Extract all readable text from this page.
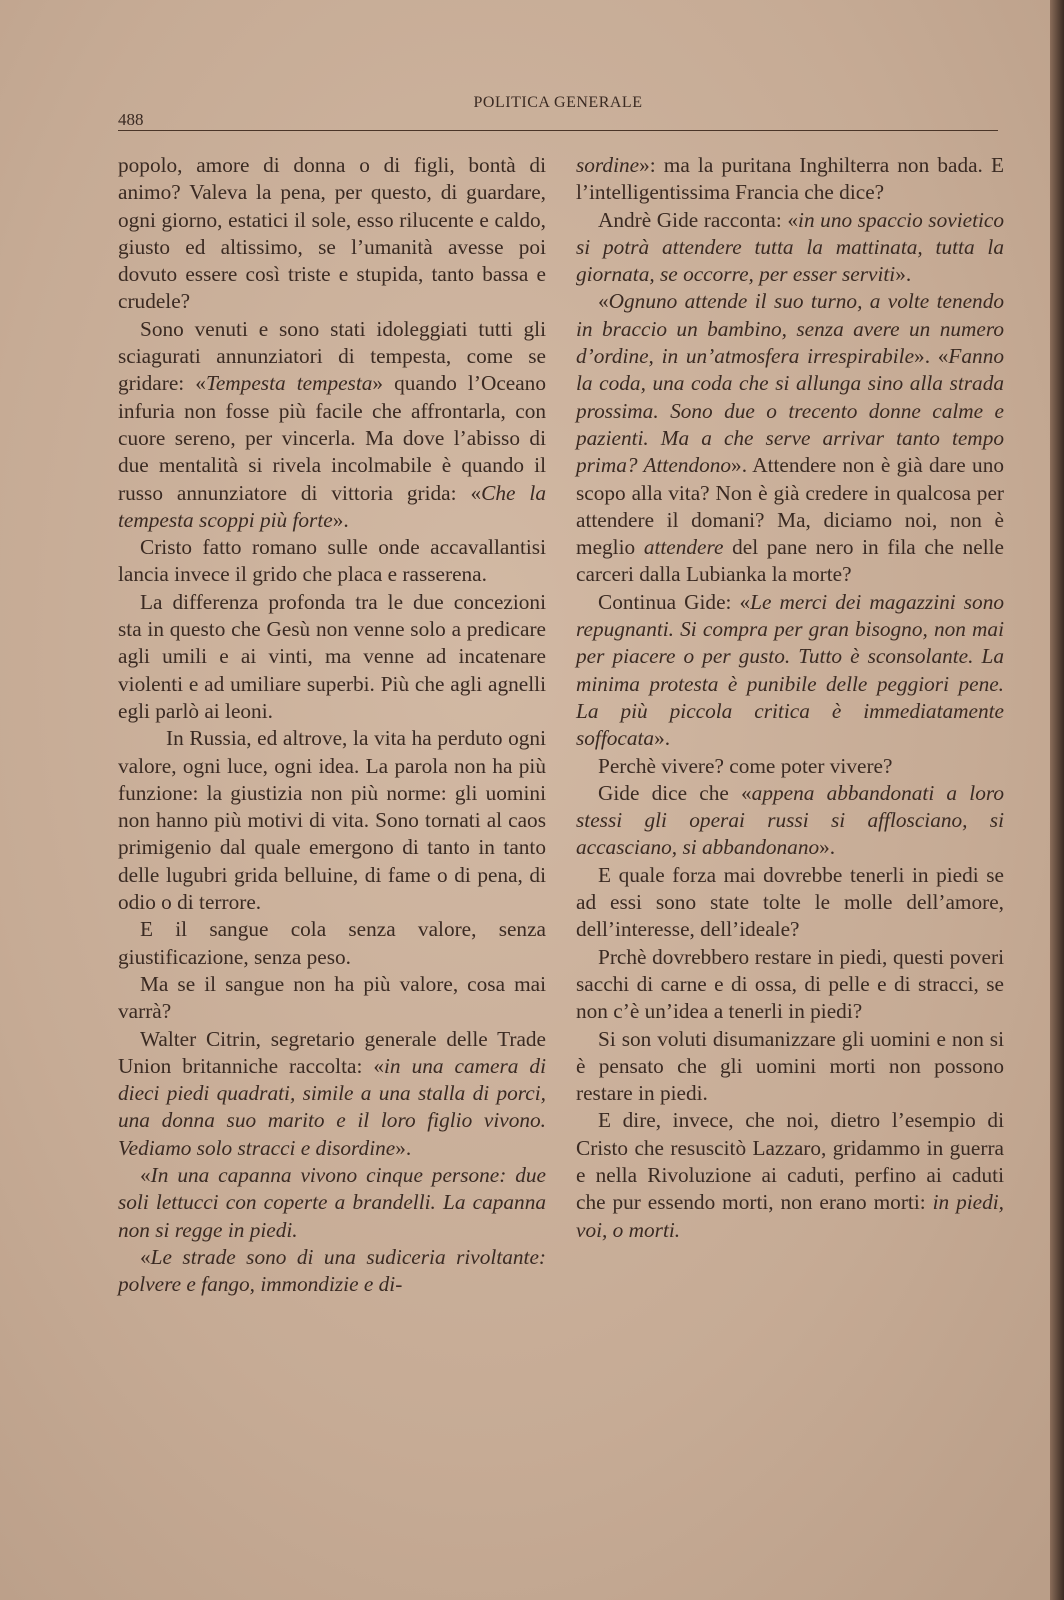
488
POLITICA GENERALE

popolo, amore di donna o di figli, bontà di animo? Valeva la pena, per questo, di guardare, ogni giorno, estatici il sole, esso rilucente e caldo, giusto ed altissimo, se l’umanità avesse poi dovuto essere così triste e stupida, tanto bassa e crudele?

Sono venuti e sono stati idoleggiati tutti gli sciagurati annunziatori di tempesta, come se gridare: «Tempesta tempesta» quando l’Oceano infuria non fosse più facile che affrontarla, con cuore sereno, per vincerla. Ma dove l’abisso di due mentalità si rivela incolmabile è quando il russo annunziatore di vittoria grida: «Che la tempesta scoppi più forte».

Cristo fatto romano sulle onde accavallantisi lancia invece il grido che placa e rasserena.

La differenza profonda tra le due concezioni sta in questo che Gesù non venne solo a predicare agli umili e ai vinti, ma venne ad incatenare violenti e ad umiliare superbi. Più che agli agnelli egli parlò ai leoni.

In Russia, ed altrove, la vita ha perduto ogni valore, ogni luce, ogni idea. La parola non ha più funzione: la giustizia non più norme: gli uomini non hanno più motivi di vita. Sono tornati al caos primigenio dal quale emergono di tanto in tanto delle lugubri grida belluine, di fame o di pena, di odio o di terrore.

E il sangue cola senza valore, senza giustificazione, senza peso.

Ma se il sangue non ha più valore, cosa mai varrà?

Walter Citrin, segretario generale delle Trade Union britanniche raccolta: «in una camera di dieci piedi quadrati, simile a una stalla di porci, una donna suo marito e il loro figlio vivono. Vediamo solo stracci e disordine».

«In una capanna vivono cinque persone: due soli lettucci con coperte a brandelli. La capanna non si regge in piedi.

«Le strade sono di una sudiceria rivoltante: polvere e fango, immondizie e di-

sordine»: ma la puritana Inghilterra non bada. E l’intelligentissima Francia che dice?

Andrè Gide racconta: «in uno spaccio sovietico si potrà attendere tutta la mattinata, tutta la giornata, se occorre, per esser serviti».

«Ognuno attende il suo turno, a volte tenendo in braccio un bambino, senza avere un numero d’ordine, in un’atmosfera irrespirabile». «Fanno la coda, una coda che si allunga sino alla strada prossima. Sono due o trecento donne calme e pazienti. Ma a che serve arrivar tanto tempo prima? Attendono». Attendere non è già dare uno scopo alla vita? Non è già credere in qualcosa per attendere il domani? Ma, diciamo noi, non è meglio attendere del pane nero in fila che nelle carceri dalla Lubianka la morte?

Continua Gide: «Le merci dei magazzini sono repugnanti. Si compra per gran bisogno, non mai per piacere o per gusto. Tutto è sconsolante. La minima protesta è punibile delle peggiori pene. La più piccola critica è immediatamente soffocata».

Perchè vivere? come poter vivere?

Gide dice che «appena abbandonati a loro stessi gli operai russi si afflosciano, si accasciano, si abbandonano».

E quale forza mai dovrebbe tenerli in piedi se ad essi sono state tolte le molle dell’amore, dell’interesse, dell’ideale?

Prchè dovrebbero restare in piedi, questi poveri sacchi di carne e di ossa, di pelle e di stracci, se non c’è un’idea a tenerli in piedi?

Si son voluti disumanizzare gli uomini e non si è pensato che gli uomini morti non possono restare in piedi.

E dire, invece, che noi, dietro l’esempio di Cristo che resuscitò Lazzaro, gridammo in guerra e nella Rivoluzione ai caduti, perfino ai caduti che pur essendo morti, non erano morti: in piedi, voi, o morti.
